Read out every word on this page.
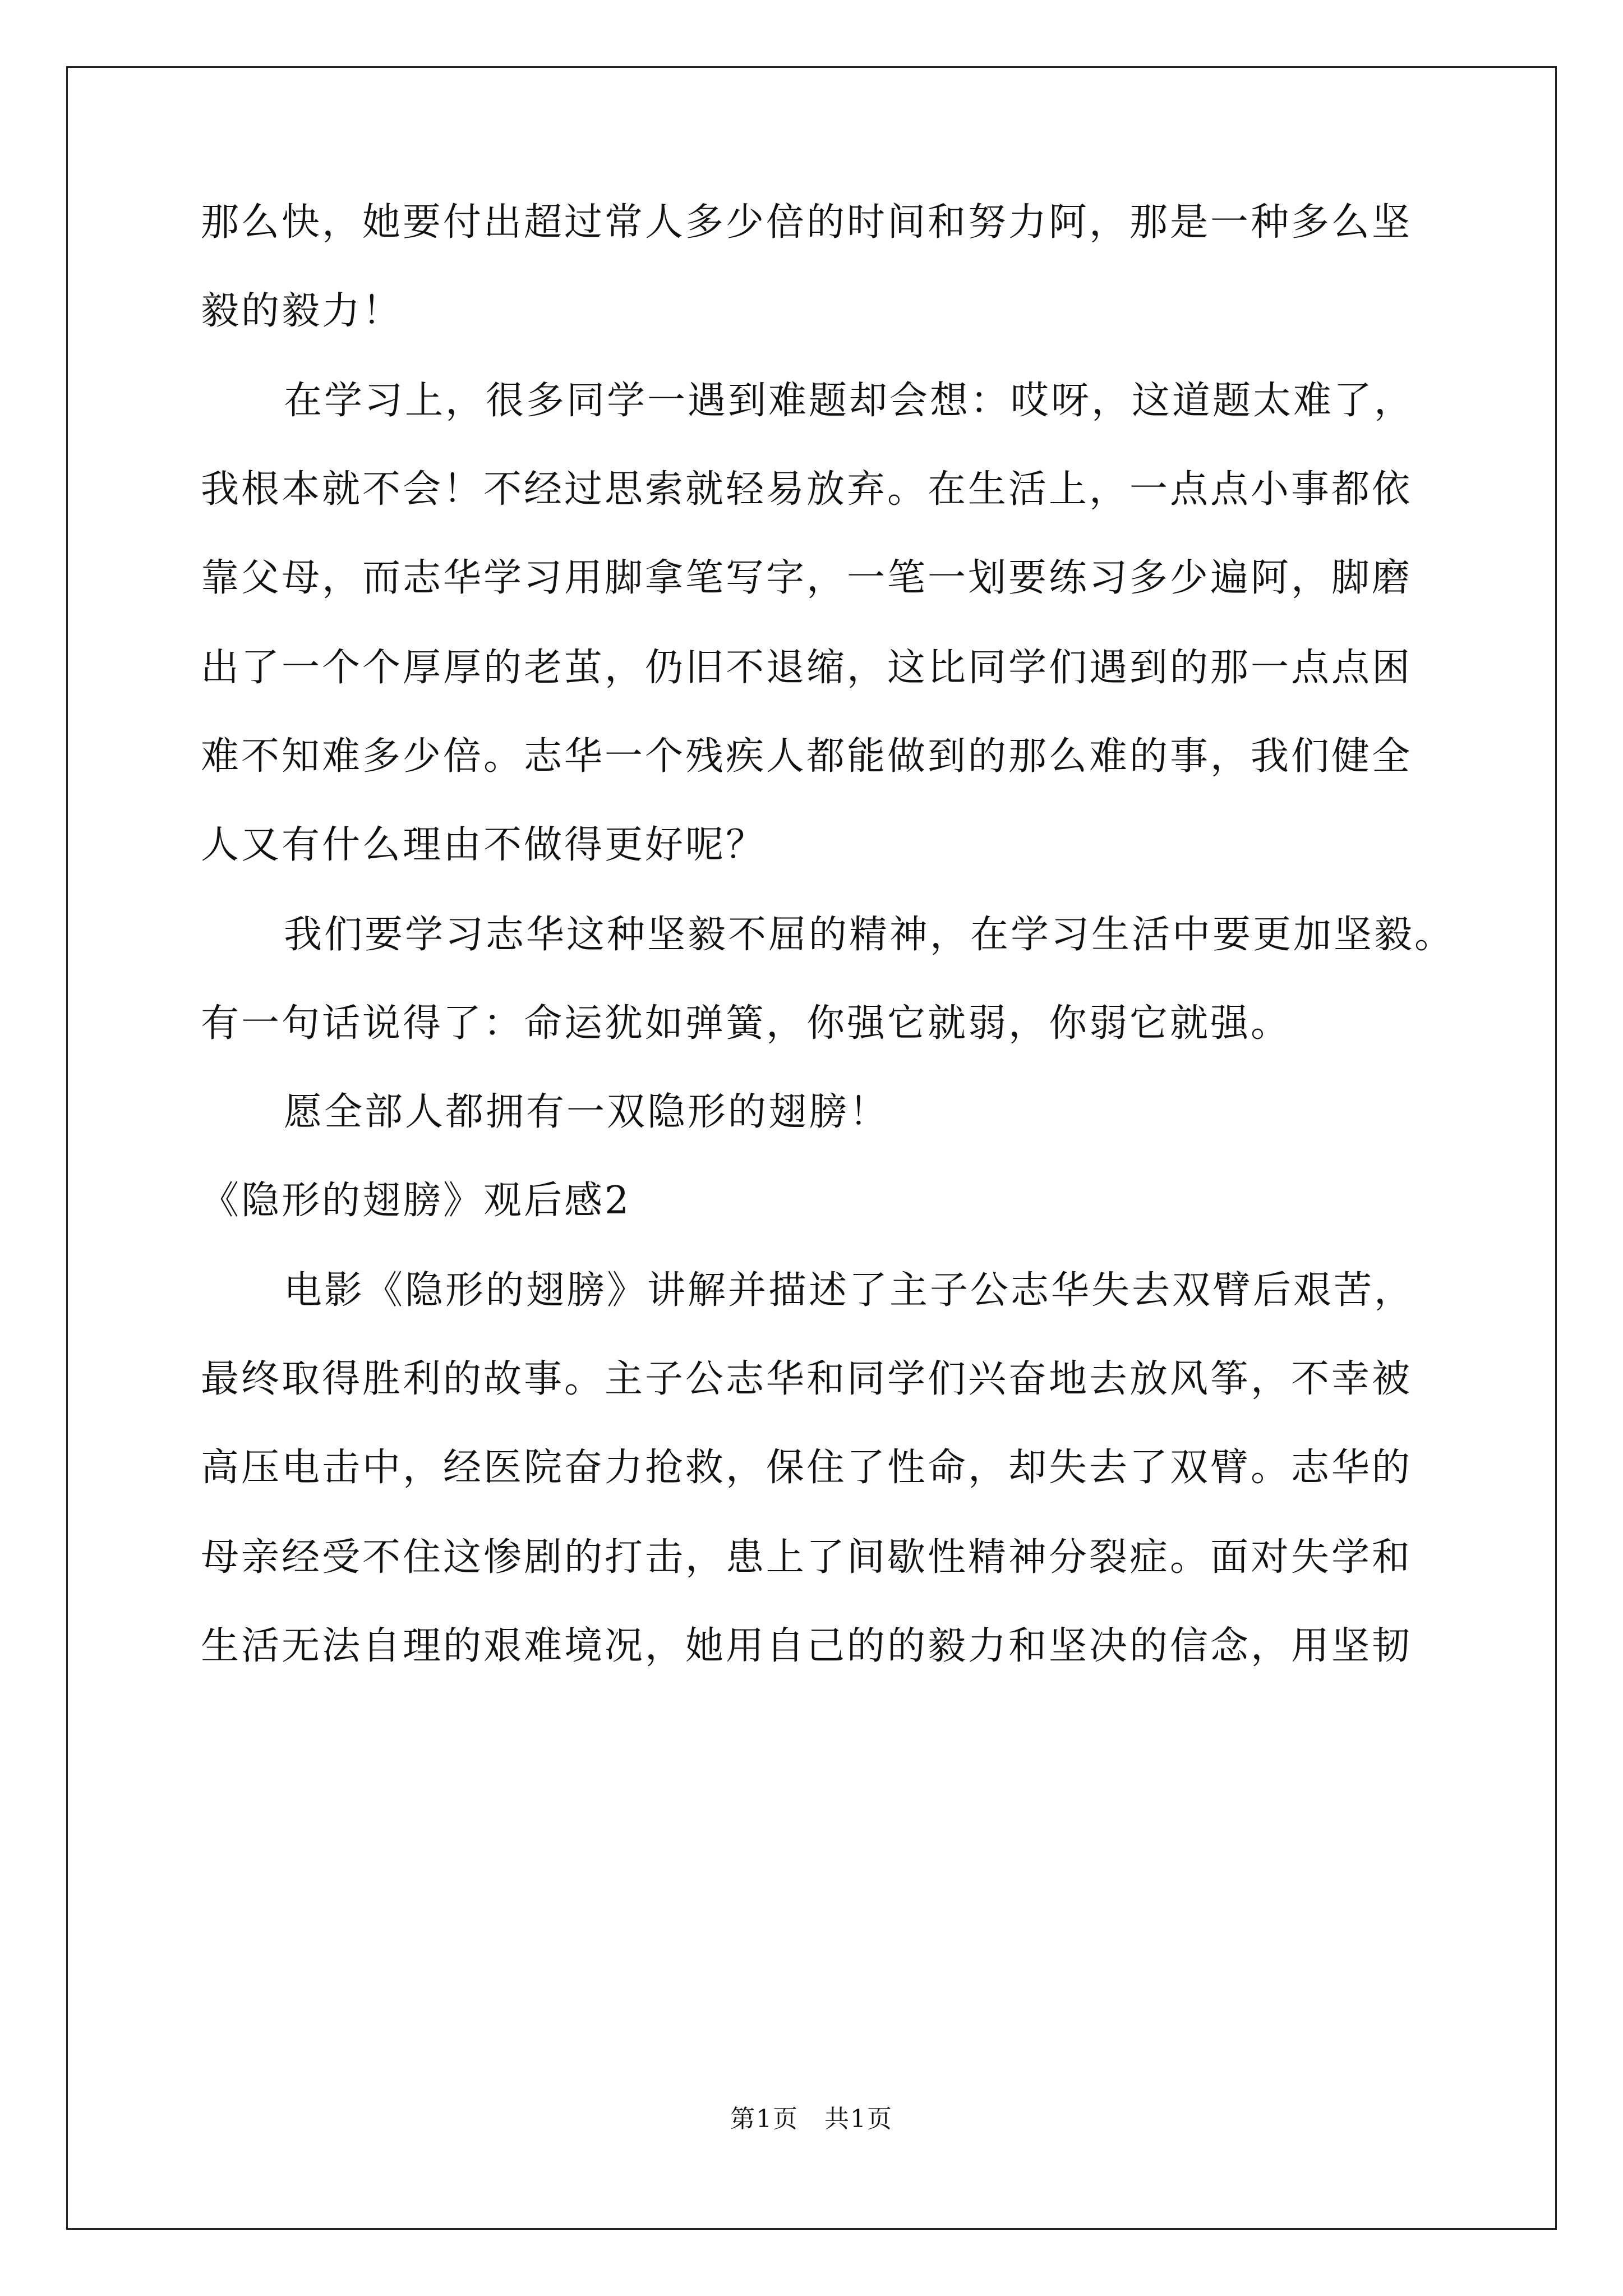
那么快，她要付出超过常人多少倍的时间和努力阿，那是一种多么坚
毅的毅力！
在学习上，很多同学一遇到难题却会想：哎呀，这道题太难了，
我根本就不会！不经过思索就轻易放弃。在生活上，一点点小事都依
靠父母，而志华学习用脚拿笔写字，一笔一划要练习多少遍阿，脚磨
出了一个个厚厚的老茧，仍旧不退缩，这比同学们遇到的那一点点困
难不知难多少倍。志华一个残疾人都能做到的那么难的事，我们健全
人又有什么理由不做得更好呢？
我们要学习志华这种坚毅不屈的精神，在学习生活中要更加坚毅。
有一句话说得了：命运犹如弹簧，你强它就弱，你弱它就强。
愿全部人都拥有一双隐形的翅膀！
《隐形的翅膀》观后感2
电影《隐形的翅膀》讲解并描述了主子公志华失去双臂后艰苦，
最终取得胜利的故事。主子公志华和同学们兴奋地去放风筝，不幸被
高压电击中，经医院奋力抢救，保住了性命，却失去了双臂。志华的
母亲经受不住这惨剧的打击，患上了间歇性精神分裂症。面对失学和
生活无法自理的艰难境况，她用自己的的毅力和坚决的信念，用坚韧
第1页　共1页
